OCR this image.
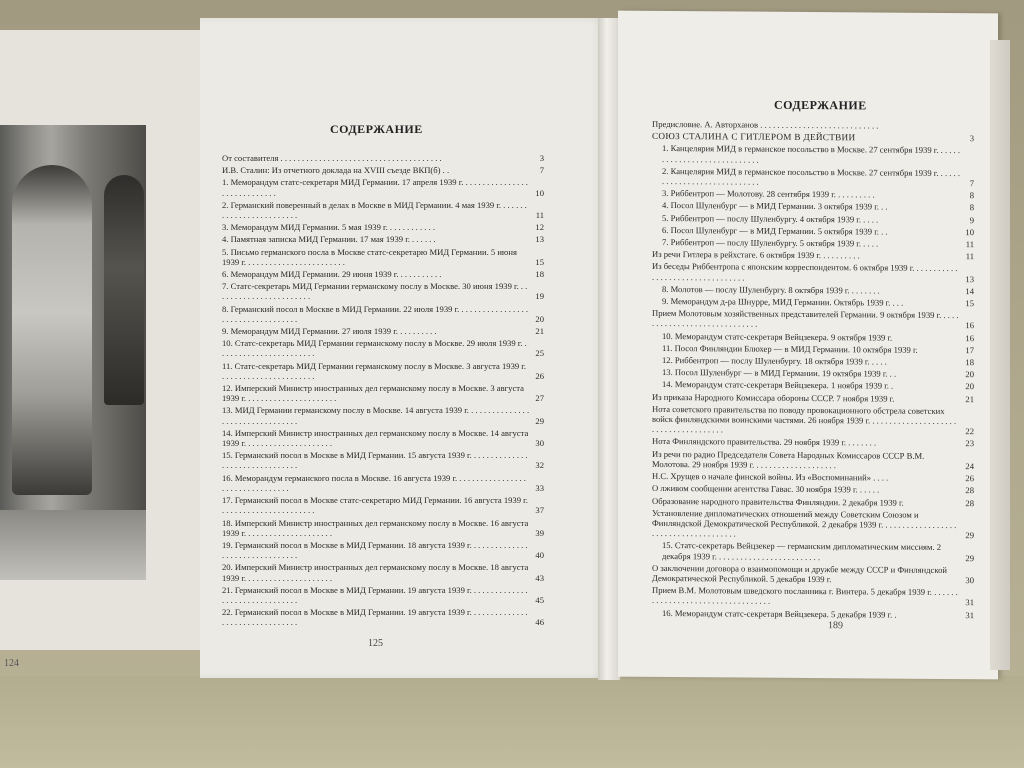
124
СОДЕРЖАНИЕ
От составителя . . . . . . . . . . . . . . . . . . . . . . . . . . . . . . . . . . . . . .	3
И.В. Сталин: Из отчетного доклада на XVIII съезде ВКП(б) . .	7
1. Меморандум статс-секретаря МИД Германии. 17 апреля 1939 г. . . . . . . . . . . . . . . . . . . . . . . . . . . . .	10
2. Германский поверенный в делах в Москве в МИД Германии. 4 мая 1939 г. . . . . . . . . . . . . . . . . . . . . . . . .	11
3. Меморандум МИД Германии. 5 мая 1939 г. . . . . . . . . . . .	12
4. Памятная записка МИД Германии. 17 мая 1939 г. . . . . . .	13
5. Письмо германского посла в Москве статс-секретарю МИД Германии. 5 июня 1939 г. . . . . . . . . . . . . . . . . . . . . . . .	15
6. Меморандум МИД Германии. 29 июня 1939 г. . . . . . . . . . .	18
7. Статс-секретарь МИД Германии германскому послу в Москве. 30 июня 1939 г. . . . . . . . . . . . . . . . . . . . . . . .	19
8. Германский посол в Москве в МИД Германии. 22 июля 1939 г. . . . . . . . . . . . . . . . . . . . . . . . . . . . . . . . . . .	20
9. Меморандум МИД Германии. 27 июля 1939 г. . . . . . . . . .	21
10. Статс-секретарь МИД Германии германскому послу в Москве. 29 июля 1939 г. . . . . . . . . . . . . . . . . . . . . . . .	25
11. Статс-секретарь МИД Германии германскому послу в Москве. 3 августа 1939 г. . . . . . . . . . . . . . . . . . . . . . .	26
12. Имперский Министр иностранных дел германскому послу в Москве. 3 августа 1939 г. . . . . . . . . . . . . . . . . . . . . .	27
13. МИД Германии германскому послу в Москве. 14 августа 1939 г. . . . . . . . . . . . . . . . . . . . . . . . . . . . . . . . .	29
14. Имперский Министр иностранных дел германскому послу в Москве. 14 августа 1939 г. . . . . . . . . . . . . . . . . . . . .	30
15. Германский посол в Москве в МИД Германии. 15 августа 1939 г. . . . . . . . . . . . . . . . . . . . . . . . . . . . . . . .	32
16. Меморандум германского посла в Москве. 16 августа 1939 г. . . . . . . . . . . . . . . . . . . . . . . . . . . . . . . . .	33
17. Германский посол в Москве статс-секретарю МИД Германии. 16 августа 1939 г. . . . . . . . . . . . . . . . . . . . . . .	37
18. Имперский Министр иностранных дел германскому послу в Москве. 16 августа 1939 г. . . . . . . . . . . . . . . . . . . . .	39
19. Германский посол в Москве в МИД Германии. 18 августа 1939 г. . . . . . . . . . . . . . . . . . . . . . . . . . . . . . . .	40
20. Имперский Министр иностранных дел германскому послу в Москве. 18 августа 1939 г. . . . . . . . . . . . . . . . . . . . .	43
21. Германский посол в Москве в МИД Германии. 19 августа 1939 г. . . . . . . . . . . . . . . . . . . . . . . . . . . . . . . .	45
22. Германский посол в Москве в МИД Германии. 19 августа 1939 г. . . . . . . . . . . . . . . . . . . . . . . . . . . . . . . .	46
125
СОДЕРЖАНИЕ
Предисловие. А. Авторханов . . . . . . . . . . . . . . . . . . . . . . . . . . . .
СОЮЗ СТАЛИНА С ГИТЛЕРОМ В ДЕЙСТВИИ	3
1. Канцелярия МИД в германское посольство в Москве. 27 сентября 1939 г. . . . . . . . . . . . . . . . . . . . . . . . . . . . .
2. Канцелярия МИД в германское посольство в Москве. 27 сентября 1939 г. . . . . . . . . . . . . . . . . . . . . . . . . . . . .	7
3. Риббентроп — Молотову. 28 сентября 1939 г. . . . . . . . . .	8
4. Посол Шуленбург — в МИД Германии. 3 октября 1939 г. . .	8
5. Риббентроп — послу Шуленбургу. 4 октября 1939 г. . . . .	9
6. Посол Шуленбург — в МИД Германии. 5 октября 1939 г. . .	10
7. Риббентроп — послу Шуленбургу. 5 октября 1939 г. . . . .	11
Из речи Гитлера в рейхстаге. 6 октября 1939 г. . . . . . . . . .	11
Из беседы Риббентропа с японским корреспондентом. 6 октября 1939 г. . . . . . . . . . . . . . . . . . . . . . . . . . . . . . . . .	13
8. Молотов — послу Шуленбургу. 8 октября 1939 г. . . . . . . .	14
9. Меморандум д-ра Шнурре, МИД Германии. Октябрь 1939 г. . . .	15
Прием Молотовым хозяйственных представителей Германии. 9 октября 1939 г. . . . . . . . . . . . . . . . . . . . . . . . . . . . . .	16
10. Меморандум статс-секретаря Вейцзекера. 9 октября 1939 г.	16
11. Посол Финляндии Блюхер — в МИД Германии. 10 октября 1939 г.	17
12. Риббентроп — послу Шуленбургу. 18 октября 1939 г. . . . .	18
13. Посол Шуленбург — в МИД Германии. 19 октября 1939 г. . .	20
14. Меморандум статс-секретаря Вейцзекера. 1 ноября 1939 г. .	20
Из приказа Народного Комиссара обороны СССР. 7 ноября 1939 г.	21
Нота советского правительства по поводу провокационного обстрела советских войск финляндскими воинскими частями. 26 ноября 1939 г. . . . . . . . . . . . . . . . . . . . . . . . . . . . . . . . . . . . . .	22
Нота Финляндского правительства. 29 ноября 1939 г. . . . . . . .	23
Из речи по радио Председателя Совета Народных Комиссаров СССР В.М. Молотова. 29 ноября 1939 г. . . . . . . . . . . . . . . . . . . .	24
Н.С. Хрущев о начале финской войны. Из «Воспоминаний» . . . .	26
О лживом сообщении агентства Гавас. 30 ноября 1939 г. . . . . .	28
Образование народного правительства Финляндии. 2 декабря 1939 г.	28
Установление дипломатических отношений между Советским Союзом и Финляндской Демократической Республикой. 2 декабря 1939 г. . . . . . . . . . . . . . . . . . . . . . . . . . . . . . . . . . . . . .	29
15. Статс-секретарь Вейцзекер — германским дипломатическим миссиям. 2 декабря 1939 г. . . . . . . . . . . . . . . . . . . . . . . . .	29
О заключении договора о взаимопомощи и дружбе между СССР и Финляндской Демократической Республикой. 5 декабря 1939 г.	30
Прием В.М. Молотовым шведского посланника г. Винтера. 5 декабря 1939 г. . . . . . . . . . . . . . . . . . . . . . . . . . . . . . . . . . .	31
16. Меморандум статс-секретаря Вейцзекера. 5 декабря 1939 г. .	31
189
